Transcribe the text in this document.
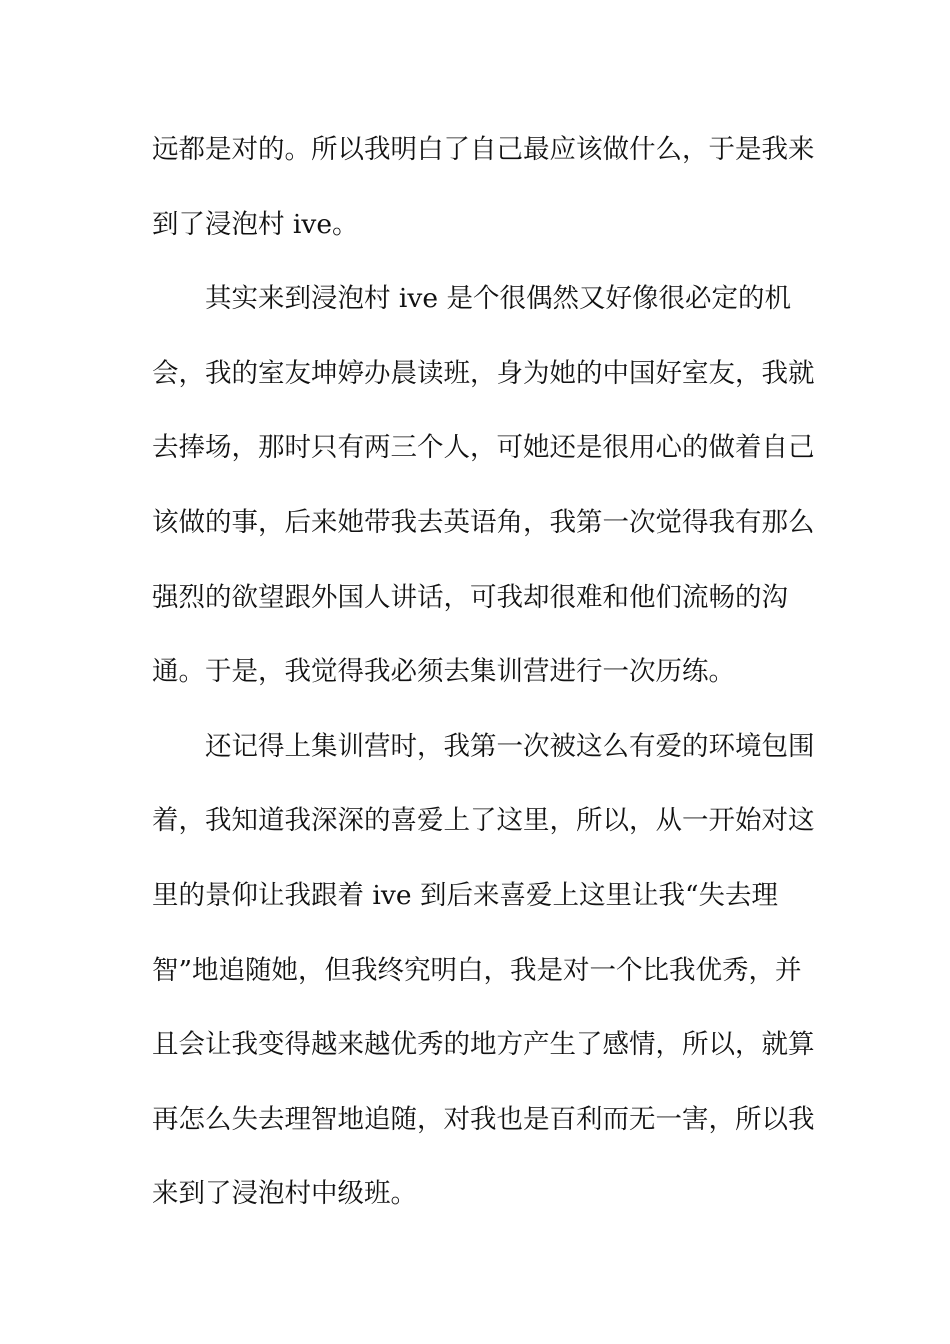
远都是对的。所以我明白了自己最应该做什么，于是我来
到了浸泡村 ive。
其实来到浸泡村 ive 是个很偶然又好像很必定的机
会，我的室友坤婷办晨读班，身为她的中国好室友，我就
去捧场，那时只有两三个人，可她还是很用心的做着自己
该做的事，后来她带我去英语角，我第一次觉得我有那么
强烈的欲望跟外国人讲话，可我却很难和他们流畅的沟
通。于是，我觉得我必须去集训营进行一次历练。
还记得上集训营时，我第一次被这么有爱的环境包围
着，我知道我深深的喜爱上了这里，所以，从一开始对这
里的景仰让我跟着 ive 到后来喜爱上这里让我“失去理
智”地追随她，但我终究明白，我是对一个比我优秀，并
且会让我变得越来越优秀的地方产生了感情，所以，就算
再怎么失去理智地追随，对我也是百利而无一害，所以我
来到了浸泡村中级班。
